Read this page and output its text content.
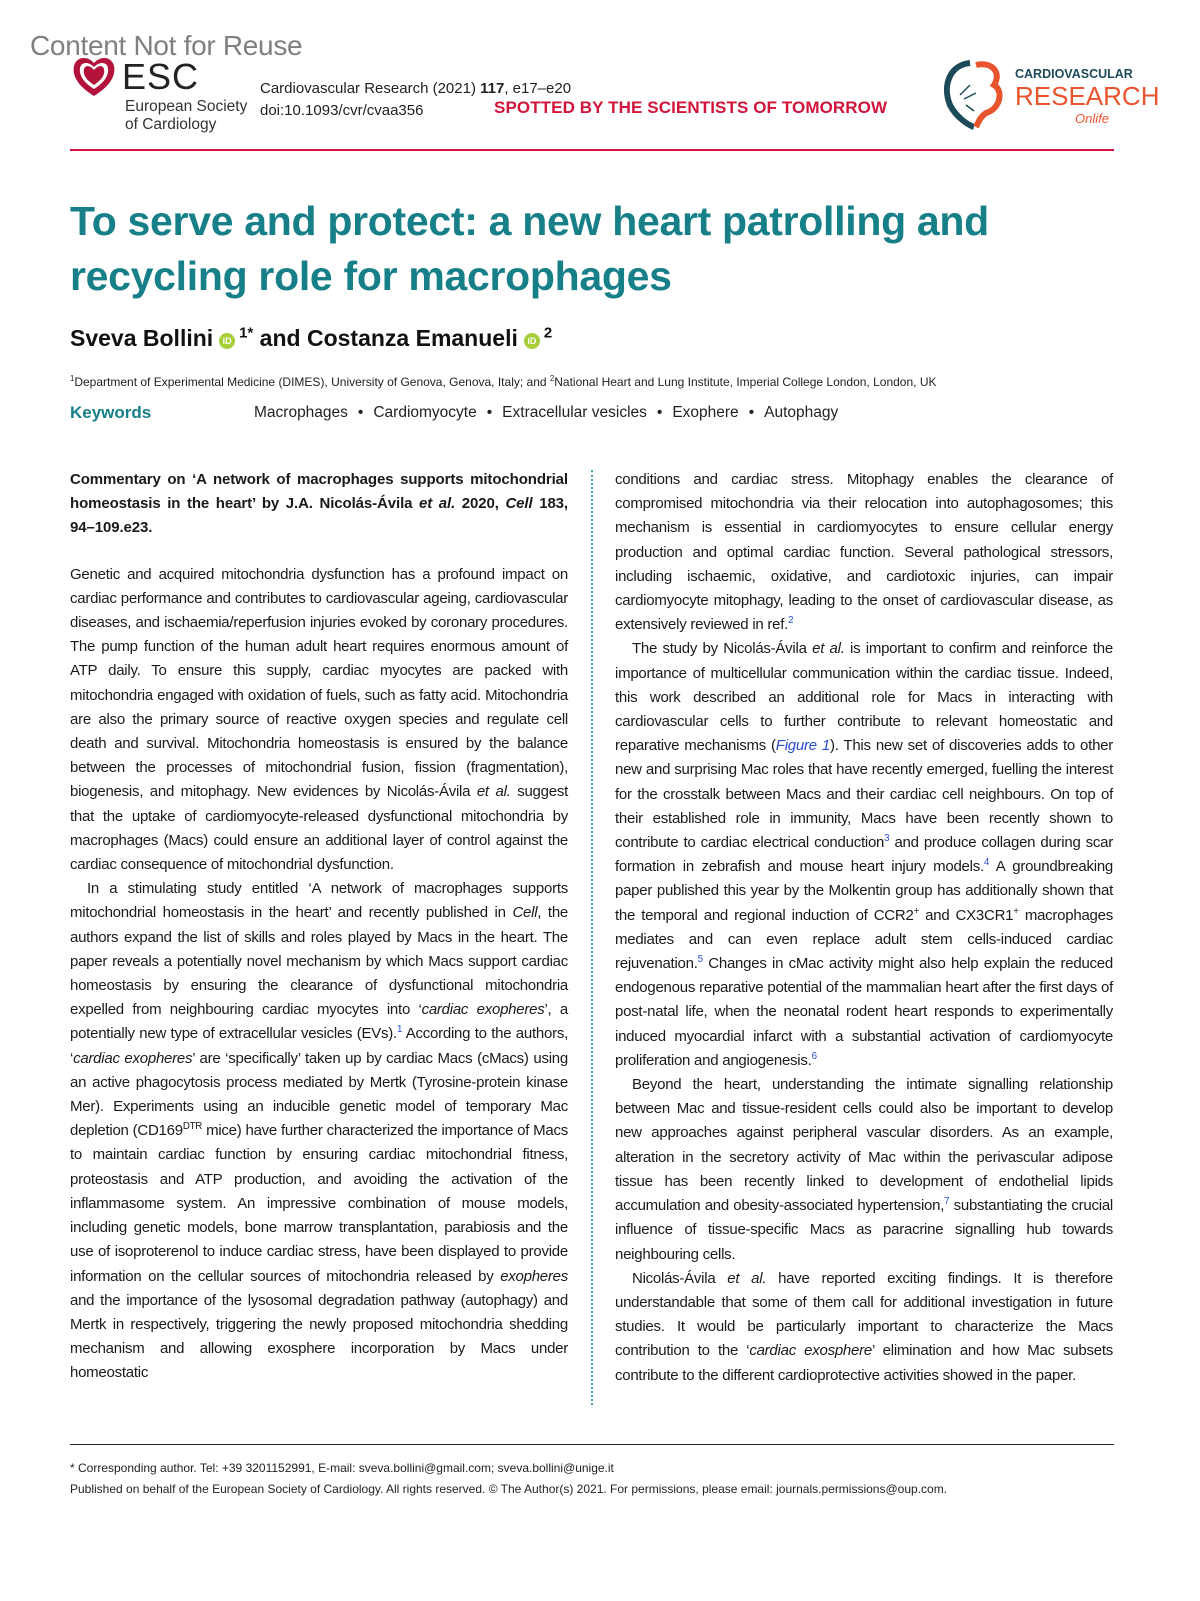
Content Not for Reuse
ESC
European Society
of Cardiology
Cardiovascular Research (2021) 117, e17–e20
doi:10.1093/cvr/cvaa356	SPOTTED BY THE SCIENTISTS OF TOMORROW
CARDIOVASCULAR
RESEARCH
Onlife
To serve and protect: a new heart patrolling and recycling role for macrophages
Sveva Bollini iD $^{1*}$ and Costanza Emanueli iD $^2$
$^1$Department of Experimental Medicine (DIMES), University of Genova, Genova, Italy; and $^2$National Heart and Lung Institute, Imperial College London, London, UK
Keywords	Macrophages • Cardiomyocyte • Extracellular vesicles • Exophere • Autophagy

Commentary on ‘A network of macrophages supports mitochondrial homeostasis in the heart’ by J.A. Nicolás-Ávila et al. 2020, Cell 183, 94–109.e23.

Genetic and acquired mitochondria dysfunction has a profound impact on cardiac performance and contributes to cardiovascular ageing, cardiovascular diseases, and ischaemia/reperfusion injuries evoked by coronary procedures. The pump function of the human adult heart requires enormous amount of ATP daily. To ensure this supply, cardiac myocytes are packed with mitochondria engaged with oxidation of fuels, such as fatty acid. Mitochondria are also the primary source of reactive oxygen species and regulate cell death and survival. Mitochondria homeostasis is ensured by the balance between the processes of mitochondrial fusion, fission (fragmentation), biogenesis, and mitophagy. New evidences by Nicolás-Ávila et al. suggest that the uptake of cardiomyocyte-released dysfunctional mitochondria by macrophages (Macs) could ensure an additional layer of control against the cardiac consequence of mitochondrial dysfunction.

In a stimulating study entitled ‘A network of macrophages supports mitochondrial homeostasis in the heart’ and recently published in Cell, the authors expand the list of skills and roles played by Macs in the heart. The paper reveals a potentially novel mechanism by which Macs support cardiac homeostasis by ensuring the clearance of dysfunctional mitochondria expelled from neighbouring cardiac myocytes into ‘cardiac exopheres’, a potentially new type of extracellular vesicles (EVs).$^1$ According to the authors, ‘cardiac exopheres’ are ‘specifically’ taken up by cardiac Macs (cMacs) using an active phagocytosis process mediated by Mertk (Tyrosine-protein kinase Mer). Experiments using an inducible genetic model of temporary Mac depletion ($CD169^{DTR}$ mice) have further characterized the importance of Macs to maintain cardiac function by ensuring cardiac mitochondrial fitness, proteostasis and ATP production, and avoiding the activation of the inflammasome system. An impressive combination of mouse models, including genetic models, bone marrow transplantation, parabiosis and the use of isoproterenol to induce cardiac stress, have been displayed to provide information on the cellular sources of mitochondria released by exopheres and the importance of the lysosomal degradation pathway (autophagy) and Mertk in respectively, triggering the newly proposed mitochondria shedding mechanism and allowing exosphere incorporation by Macs under homeostatic

conditions and cardiac stress. Mitophagy enables the clearance of compromised mitochondria via their relocation into autophagosomes; this mechanism is essential in cardiomyocytes to ensure cellular energy production and optimal cardiac function. Several pathological stressors, including ischaemic, oxidative, and cardiotoxic injuries, can impair cardiomyocyte mitophagy, leading to the onset of cardiovascular disease, as extensively reviewed in ref.$^2$

The study by Nicolás-Ávila et al. is important to confirm and reinforce the importance of multicellular communication within the cardiac tissue. Indeed, this work described an additional role for Macs in interacting with cardiovascular cells to further contribute to relevant homeostatic and reparative mechanisms (Figure 1). This new set of discoveries adds to other new and surprising Mac roles that have recently emerged, fuelling the interest for the crosstalk between Macs and their cardiac cell neighbours. On top of their established role in immunity, Macs have been recently shown to contribute to cardiac electrical conduction$^3$ and produce collagen during scar formation in zebrafish and mouse heart injury models.$^4$ A groundbreaking paper published this year by the Molkentin group has additionally shown that the temporal and regional induction of CCR2+ and CX3CR1+ macrophages mediates and can even replace adult stem cells-induced cardiac rejuvenation.$^5$ Changes in cMac activity might also help explain the reduced endogenous reparative potential of the mammalian heart after the first days of post-natal life, when the neonatal rodent heart responds to experimentally induced myocardial infarct with a substantial activation of cardiomyocyte proliferation and angiogenesis.$^6$

Beyond the heart, understanding the intimate signalling relationship between Mac and tissue-resident cells could also be important to develop new approaches against peripheral vascular disorders. As an example, alteration in the secretory activity of Mac within the perivascular adipose tissue has been recently linked to development of endothelial lipids accumulation and obesity-associated hypertension,$^7$ substantiating the crucial influence of tissue-specific Macs as paracrine signalling hub towards neighbouring cells.

Nicolás-Ávila et al. have reported exciting findings. It is therefore understandable that some of them call for additional investigation in future studies. It would be particularly important to characterize the Macs contribution to the ‘cardiac exosphere’ elimination and how Mac subsets contribute to the different cardioprotective activities showed in the paper.

* Corresponding author. Tel: +39 3201152991, E-mail: sveva.bollini@gmail.com; sveva.bollini@unige.it
Published on behalf of the European Society of Cardiology. All rights reserved. © The Author(s) 2021. For permissions, please email: journals.permissions@oup.com.
